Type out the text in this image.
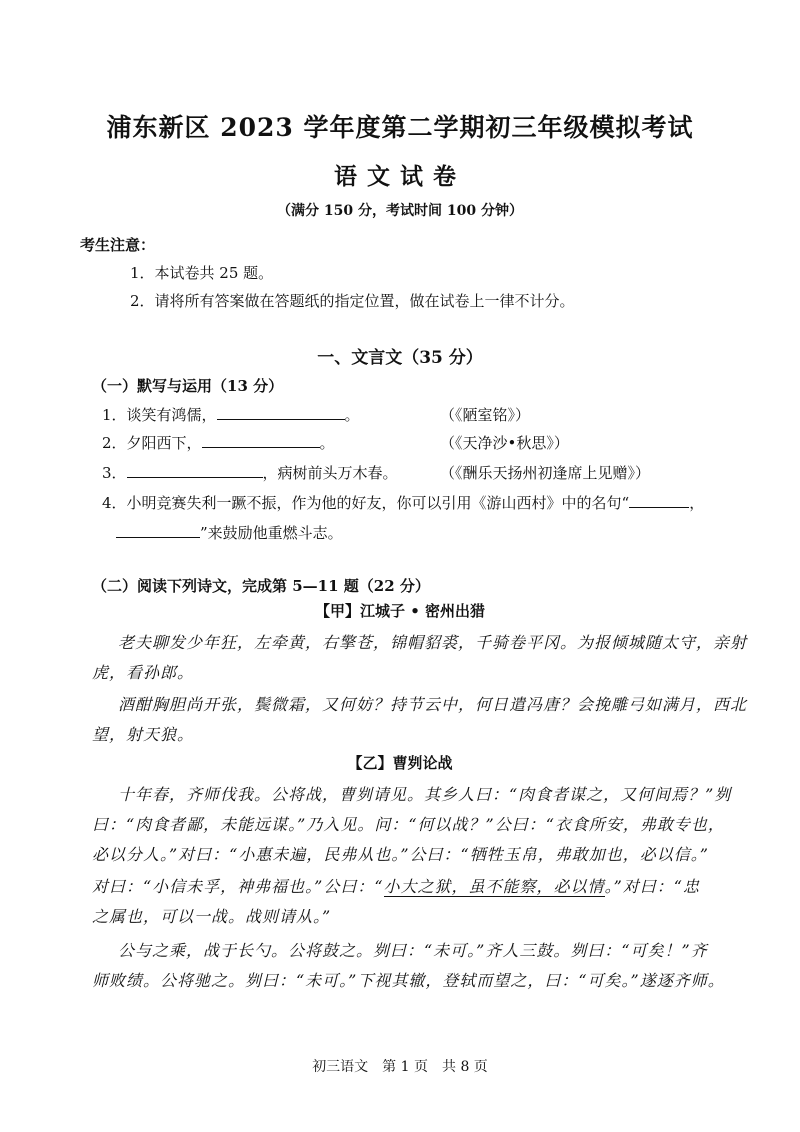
浦东新区 2023 学年度第二学期初三年级模拟考试
语文试卷
（满分 150 分，考试时间 100 分钟）
考生注意：
1．本试卷共 25 题。
2．请将所有答案做在答题纸的指定位置，做在试卷上一律不计分。
一、文言文（35 分）
（一）默写与运用（13 分）
1．谈笑有鸿儒，	。	（《陋室铭》）
2．夕阳西下，	。	（《天净沙•秋思》）
3．	，病树前头万木春。	（《酬乐天扬州初逢席上见赠》）
4．小明竞赛失利一蹶不振，作为他的好友，你可以引用《游山西村》中的名句“	，
”来鼓励他重燃斗志。
（二）阅读下列诗文，完成第 5—11 题（22 分）
【甲】江城子 • 密州出猎
老夫聊发少年狂，左牵黄，右擎苍，锦帽貂裘，千骑卷平冈。为报倾城随太守，亲射
虎，看孙郎。
酒酣胸胆尚开张，鬓微霜，又何妨？持节云中，何日遣冯唐？会挽雕弓如满月，西北
望，射天狼。
【乙】曹刿论战
十年春，齐师伐我。公将战，曹刿请见。其乡人曰：“肉食者谋之，又何间焉？”刿
曰：“肉食者鄙，未能远谋。”乃入见。问：“何以战？”公曰：“衣食所安，弗敢专也，
必以分人。”对曰：“小惠未遍，民弗从也。”公曰：“牺牲玉帛，弗敢加也，必以信。”
对曰：“小信未孚，神弗福也。”公曰：“小大之狱，虽不能察，必以情。”对曰：“忠
之属也，可以一战。战则请从。”
公与之乘，战于长勺。公将鼓之。刿曰：“未可。”齐人三鼓。刿曰：“可矣！”齐
师败绩。公将驰之。刿曰：“未可。”下视其辙，登轼而望之，曰：“可矣。”遂逐齐师。
初三语文　第 1 页　共 8 页
